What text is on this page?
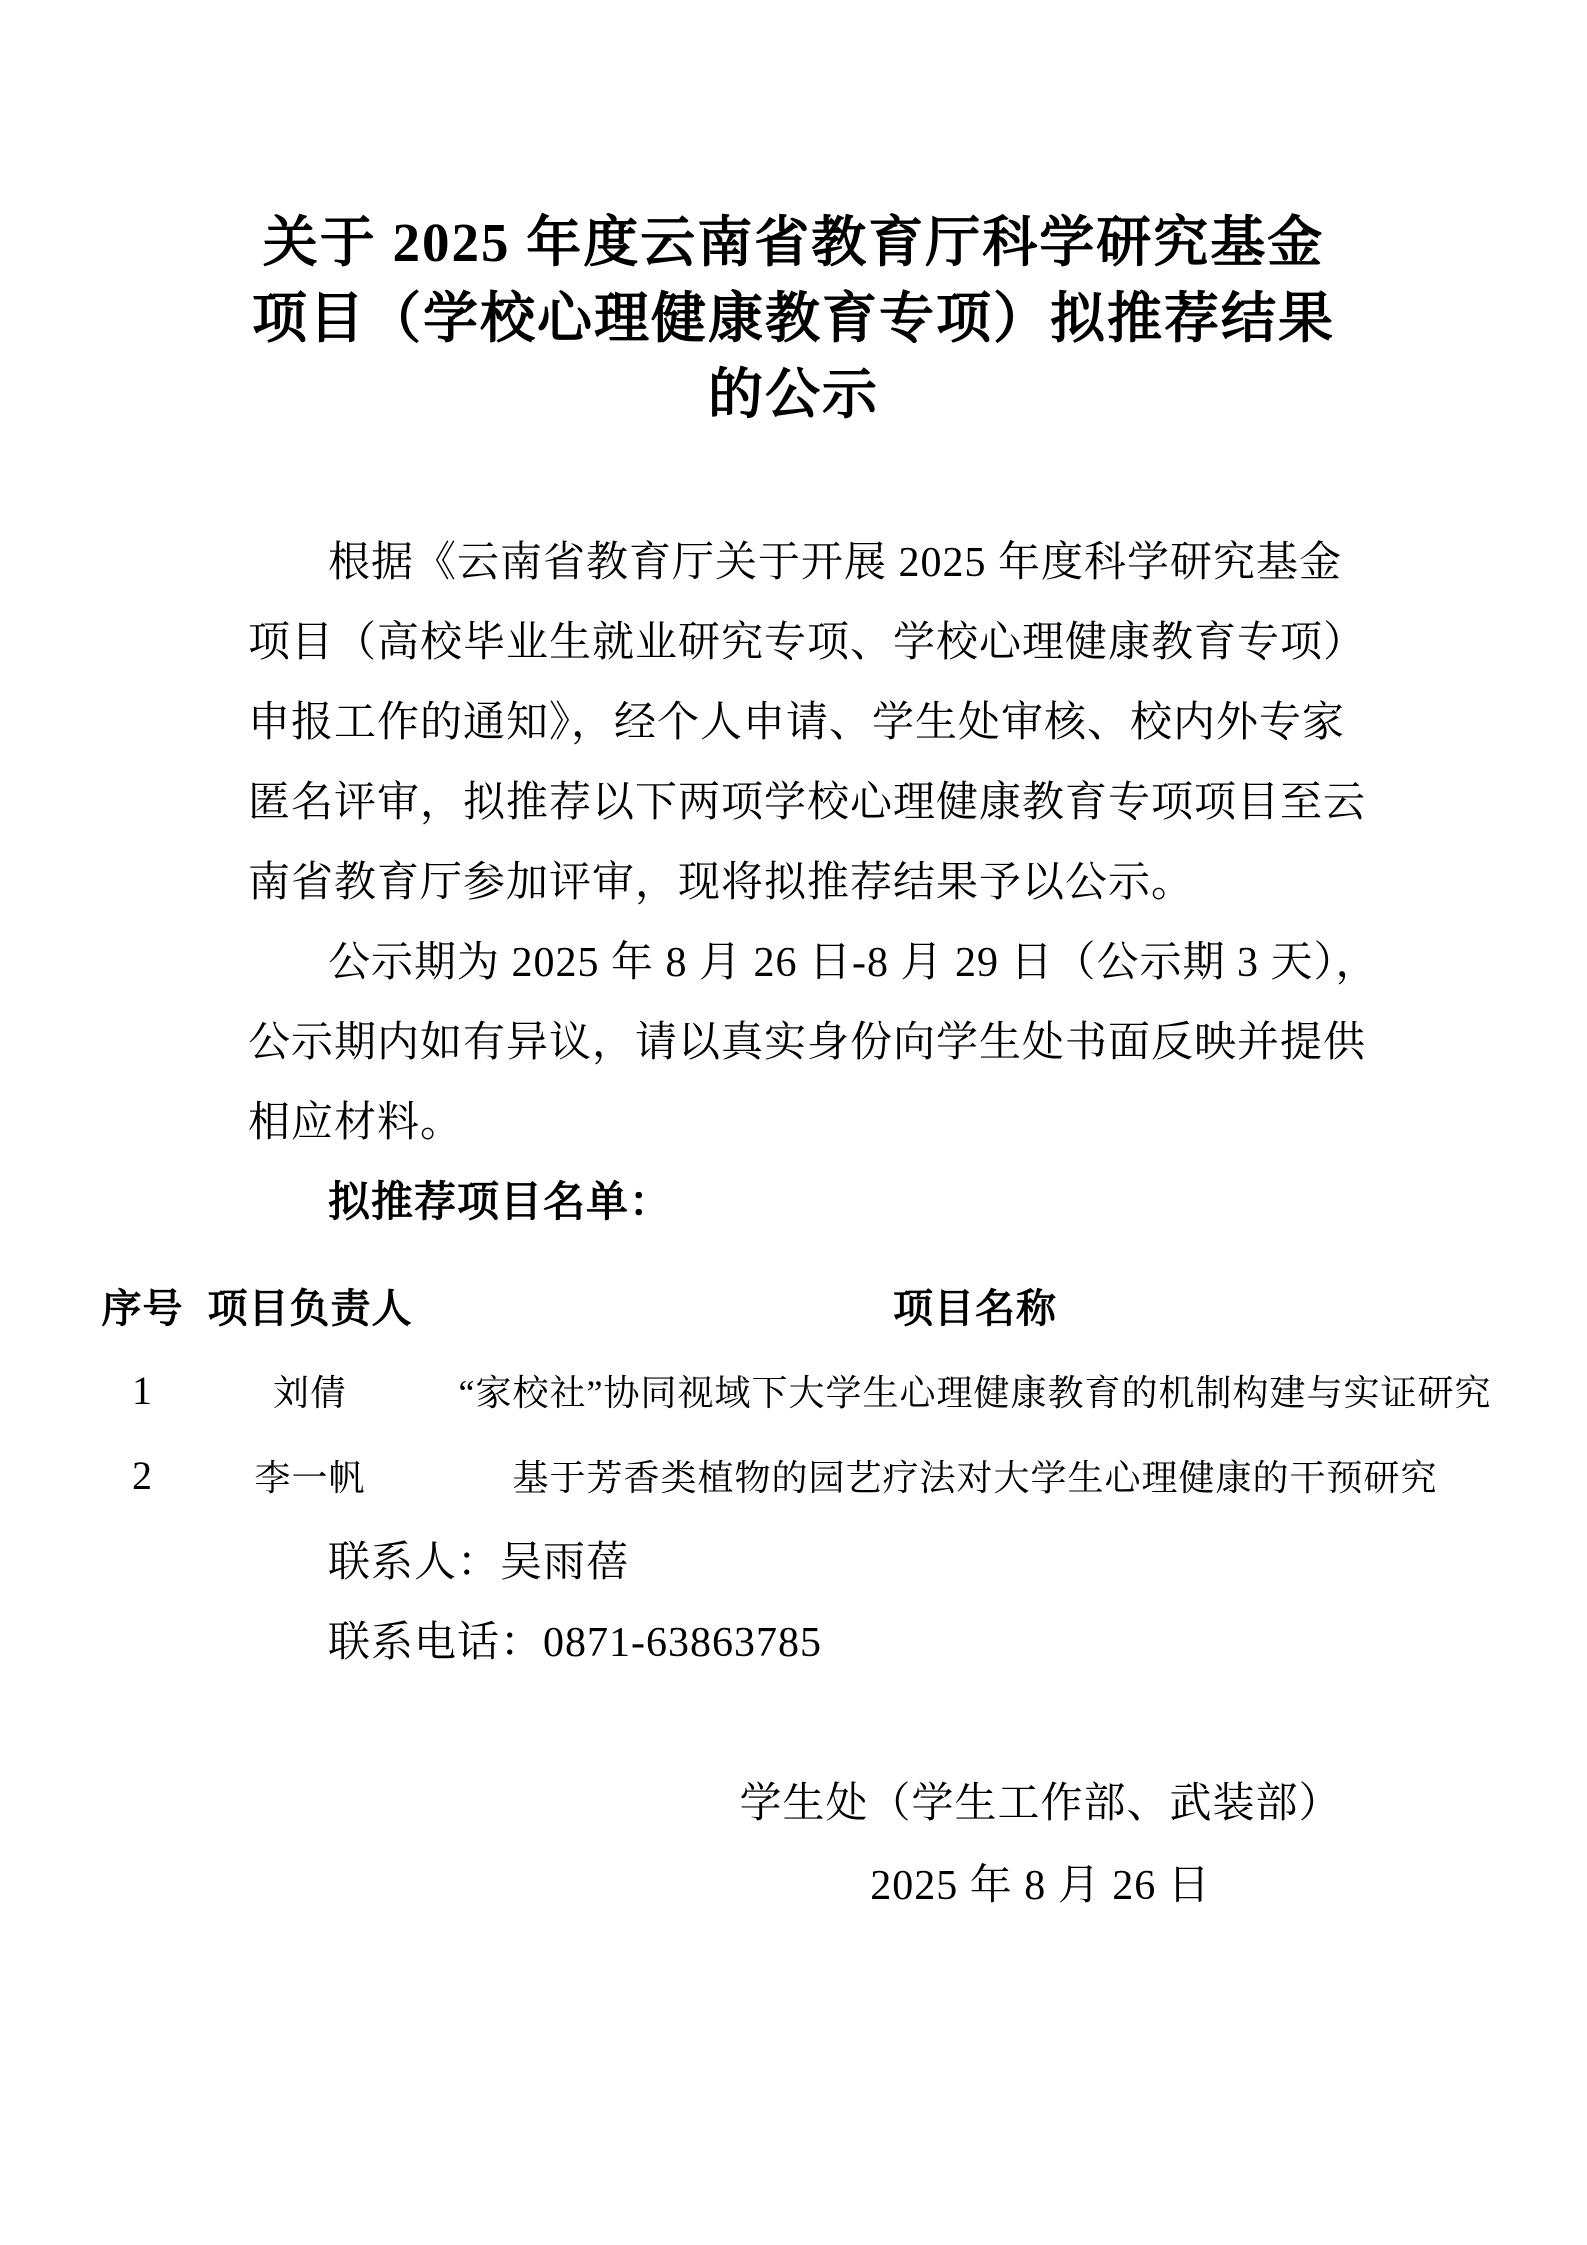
关于 2025 年度云南省教育厅科学研究基金
项目（学校心理健康教育专项）拟推荐结果
的公示
根据《云南省教育厅关于开展 2025 年度科学研究基金
项目（高校毕业生就业研究专项、学校心理健康教育专项）
申报工作的通知》，经个人申请、学生处审核、校内外专家
匿名评审，拟推荐以下两项学校心理健康教育专项项目至云
南省教育厅参加评审，现将拟推荐结果予以公示。
公示期为 2025 年 8 月 26 日-8 月 29 日（公示期 3 天），
公示期内如有异议，请以真实身份向学生处书面反映并提供
相应材料。
拟推荐项目名单：
序号 项目负责人	项目名称
1	刘倩	“家校社”协同视域下大学生心理健康教育的机制构建与实证研究
2	李一帆	基于芳香类植物的园艺疗法对大学生心理健康的干预研究
联系人：吴雨蓓
联系电话：0871-63863785
学生处（学生工作部、武装部）
2025 年 8 月 26 日
